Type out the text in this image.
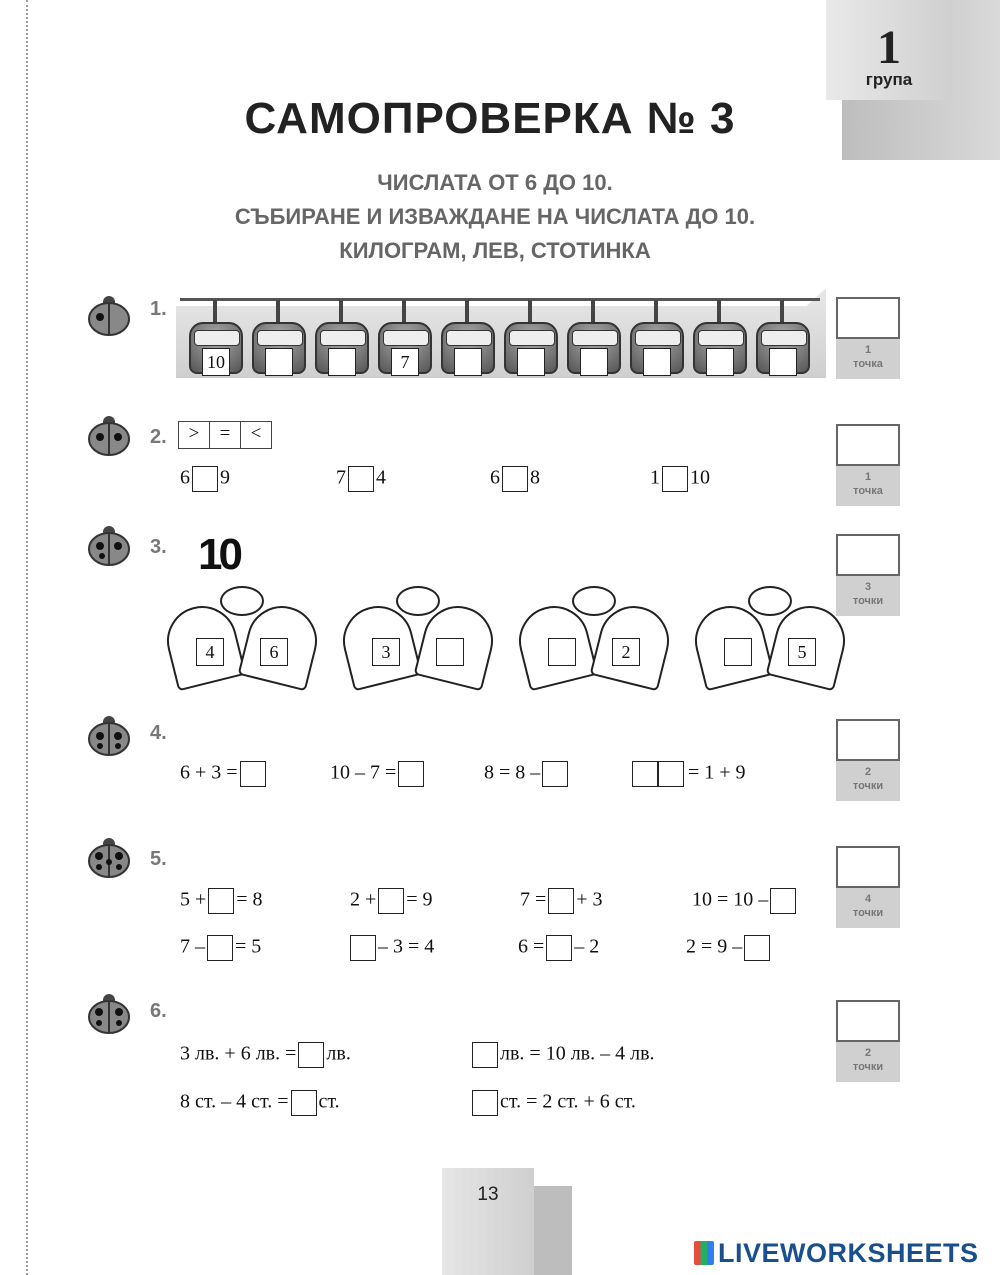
1
група
САМОПРОВЕРКА № 3
ЧИСЛАТА ОТ 6 ДО 10.
СЪБИРАНЕ И ИЗВАЖДАНЕ НА ЧИСЛАТА ДО 10.
КИЛОГРАМ, ЛЕВ, СТОТИНКА
1.
2.
3.
4.
5.
6.
1
точка
1
точка
3
точки
2
точки
4
точки
2
точки
10	7
>	=	<
6 9	7 4	6 8	1 10
10
4	6	3	2	5
6 + 3 =	10 – 7 =	8 = 8 –	= 1 + 9
5 + = 8	2 + = 9	7 = + 3	10 = 10 –
7 – = 5	– 3 = 4	6 = – 2	2 = 9 –
3 лв. + 6 лв. = лв.	лв. = 10 лв. – 4 лв.
8 ст. – 4 ст. = ст.	ст. = 2 ст. + 6 ст.
13
LIVEWORKSHEETS
